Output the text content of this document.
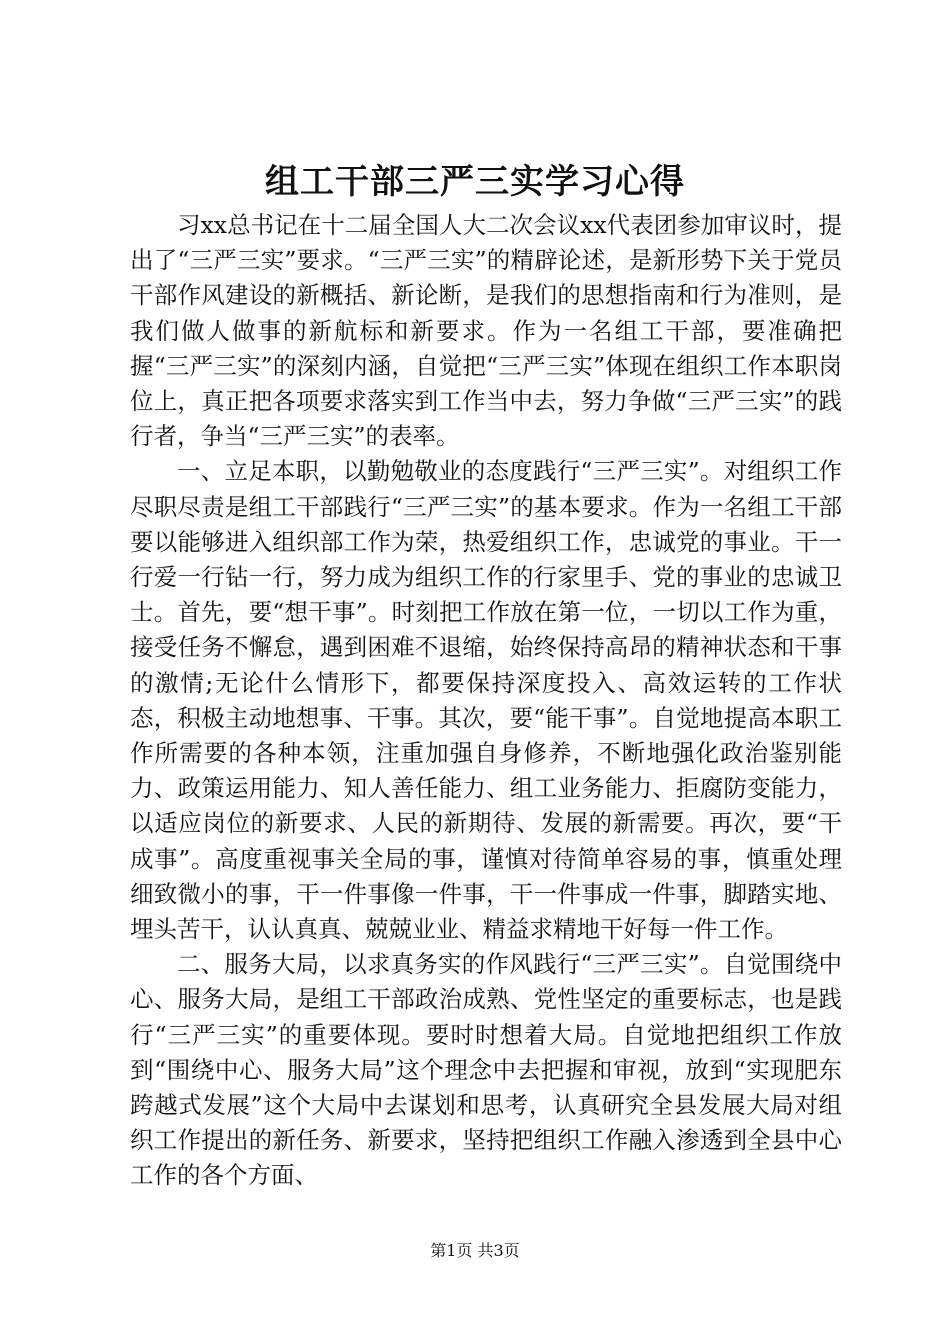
组工干部三严三实学习心得

习xx总书记在十二届全国人大二次会议xx代表团参加审议时，提出了“三严三实”要求。“三严三实”的精辟论述，是新形势下关于党员干部作风建设的新概括、新论断，是我们的思想指南和行为准则，是我们做人做事的新航标和新要求。作为一名组工干部，要准确把握“三严三实”的深刻内涵，自觉把“三严三实”体现在组织工作本职岗位上，真正把各项要求落实到工作当中去，努力争做“三严三实”的践行者，争当“三严三实”的表率。

一、立足本职，以勤勉敬业的态度践行“三严三实”。对组织工作尽职尽责是组工干部践行“三严三实”的基本要求。作为一名组工干部要以能够进入组织部工作为荣，热爱组织工作，忠诚党的事业。干一行爱一行钻一行，努力成为组织工作的行家里手、党的事业的忠诚卫士。首先，要“想干事”。时刻把工作放在第一位，一切以工作为重，接受任务不懈怠，遇到困难不退缩，始终保持高昂的精神状态和干事的激情;无论什么情形下，都要保持深度投入、高效运转的工作状态，积极主动地想事、干事。其次，要“能干事”。自觉地提高本职工作所需要的各种本领，注重加强自身修养，不断地强化政治鉴别能力、政策运用能力、知人善任能力、组工业务能力、拒腐防变能力，以适应岗位的新要求、人民的新期待、发展的新需要。再次，要“干成事”。高度重视事关全局的事，谨慎对待简单容易的事，慎重处理细致微小的事，干一件事像一件事，干一件事成一件事，脚踏实地、埋头苦干，认认真真、兢兢业业、精益求精地干好每一件工作。

二、服务大局，以求真务实的作风践行“三严三实”。自觉围绕中心、服务大局，是组工干部政治成熟、党性坚定的重要标志，也是践行“三严三实”的重要体现。要时时想着大局。自觉地把组织工作放到“围绕中心、服务大局”这个理念中去把握和审视，放到“实现肥东跨越式发展”这个大局中去谋划和思考，认真研究全县发展大局对组织工作提出的新任务、新要求，坚持把组织工作融入渗透到全县中心工作的各个方面、

第1页 共3页
